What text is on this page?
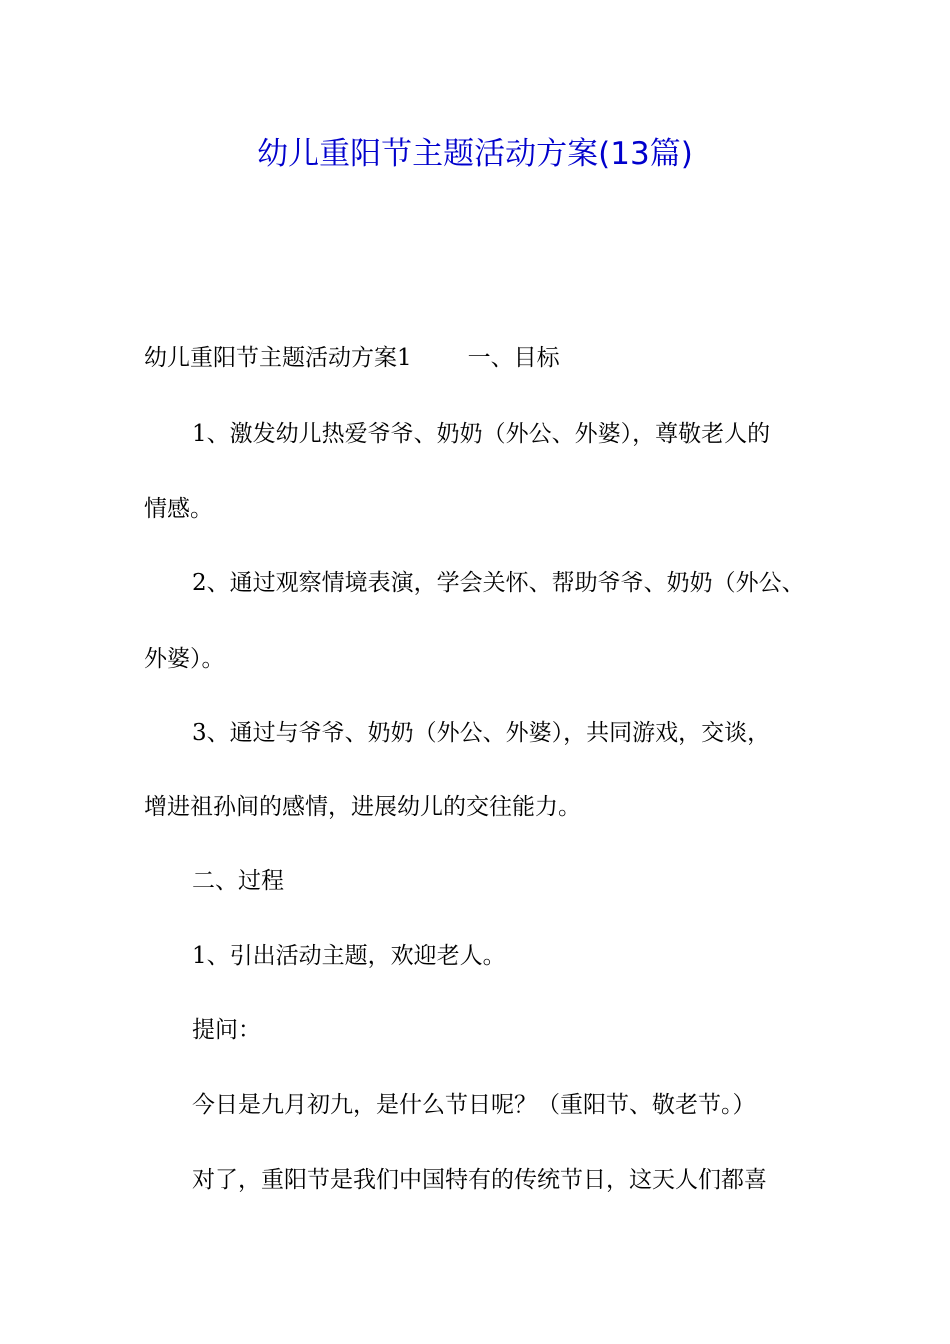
幼儿重阳节主题活动方案(13篇)
幼儿重阳节主题活动方案1 一、目标
1、激发幼儿热爱爷爷、奶奶（外公、外婆），尊敬老人的
情感。
2、通过观察情境表演，学会关怀、帮助爷爷、奶奶（外公、
外婆）。
3、通过与爷爷、奶奶（外公、外婆），共同游戏，交谈，
增进祖孙间的感情，进展幼儿的交往能力。
二、过程
1、引出活动主题，欢迎老人。
提问：
今日是九月初九，是什么节日呢？（重阳节、敬老节。）
对了，重阳节是我们中国特有的传统节日，这天人们都喜
